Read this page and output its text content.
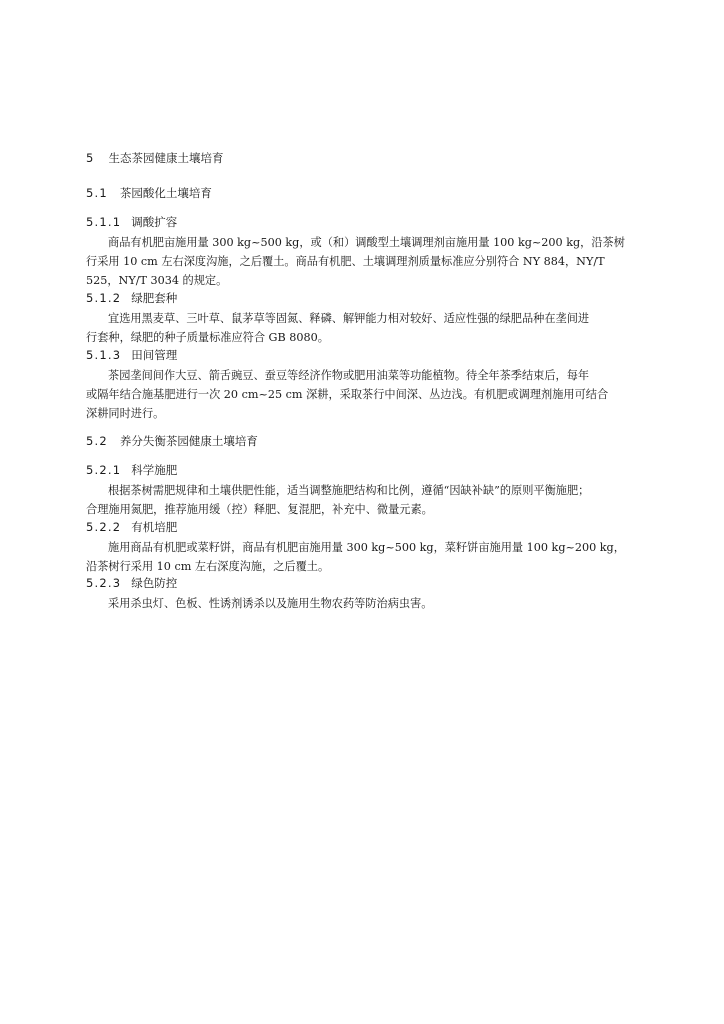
5 生态茶园健康土壤培育
5.1 茶园酸化土壤培育
5.1.1 调酸扩容
商品有机肥亩施用量 300 kg~500 kg，或（和）调酸型土壤调理剂亩施用量 100 kg~200 kg，沿茶树
行采用 10 cm 左右深度沟施，之后覆土。商品有机肥、土壤调理剂质量标准应分别符合 NY 884，NY/T
525，NY/T 3034 的规定。
5.1.2 绿肥套种
宜选用黑麦草、三叶草、鼠茅草等固氮、释磷、解钾能力相对较好、适应性强的绿肥品种在垄间进
行套种，绿肥的种子质量标准应符合 GB 8080。
5.1.3 田间管理
茶园垄间间作大豆、箭舌豌豆、蚕豆等经济作物或肥用油菜等功能植物。待全年茶季结束后，每年
或隔年结合施基肥进行一次 20 cm~25 cm 深耕，采取茶行中间深、丛边浅。有机肥或调理剂施用可结合
深耕同时进行。
5.2 养分失衡茶园健康土壤培育
5.2.1 科学施肥
根据茶树需肥规律和土壤供肥性能，适当调整施肥结构和比例，遵循“因缺补缺”的原则平衡施肥；
合理施用氮肥，推荐施用缓（控）释肥、复混肥，补充中、微量元素。
5.2.2 有机培肥
施用商品有机肥或菜籽饼，商品有机肥亩施用量 300 kg~500 kg，菜籽饼亩施用量 100 kg~200 kg，
沿茶树行采用 10 cm 左右深度沟施，之后覆土。
5.2.3 绿色防控
采用杀虫灯、色板、性诱剂诱杀以及施用生物农药等防治病虫害。
